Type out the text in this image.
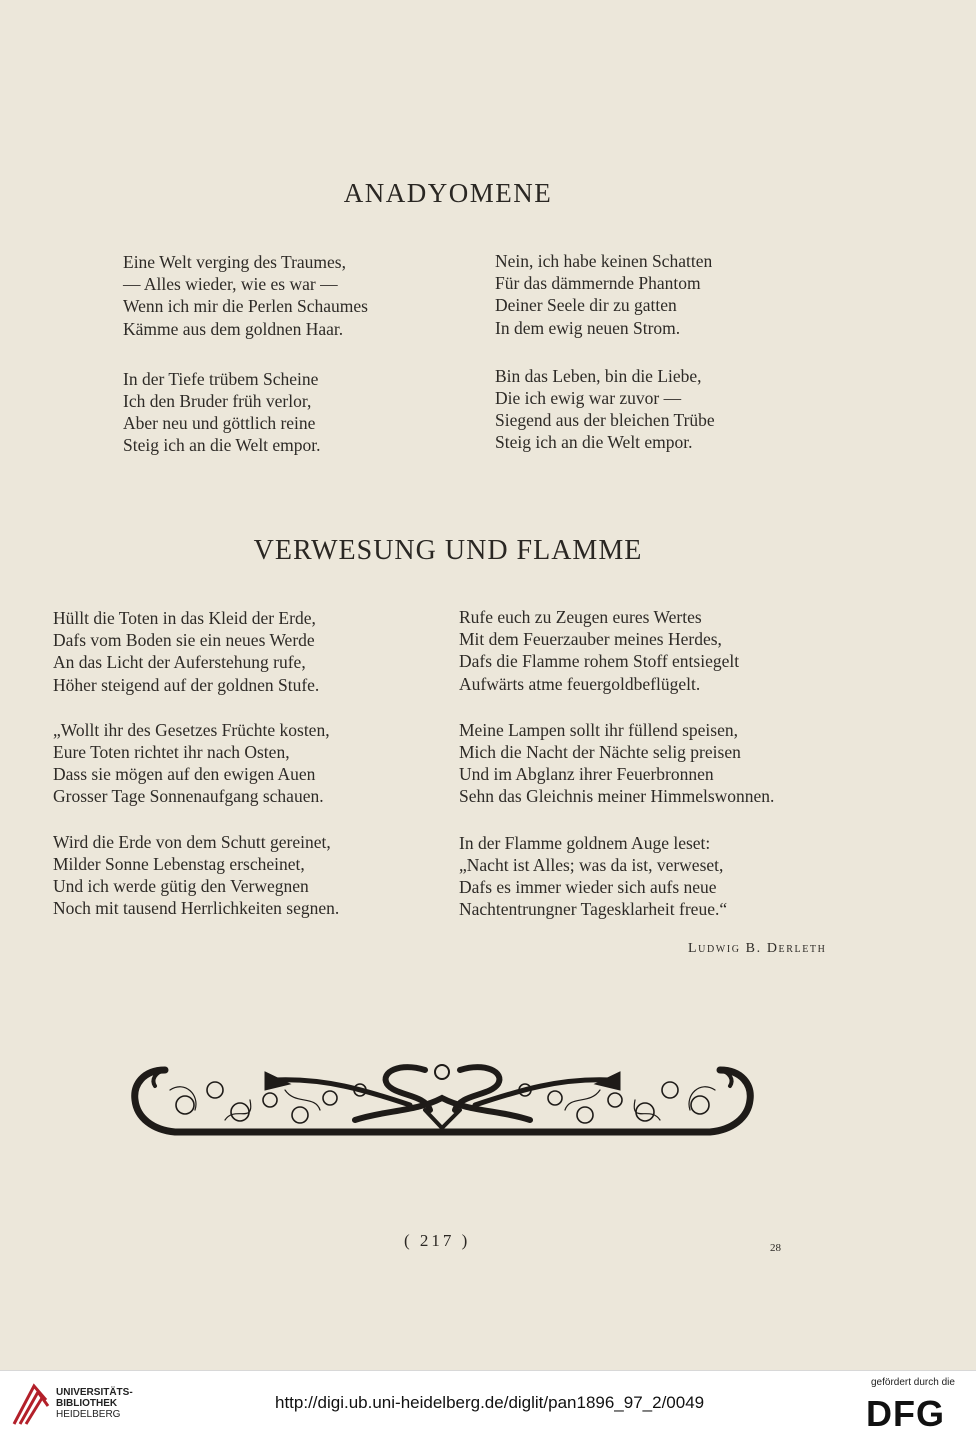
ANADYOMENE
Eine Welt verging des Traumes,
— Alles wieder, wie es war —
Wenn ich mir die Perlen Schaumes
Kämme aus dem goldnen Haar.
In der Tiefe trübem Scheine
Ich den Bruder früh verlor,
Aber neu und göttlich reine
Steig ich an die Welt empor.
Nein, ich habe keinen Schatten
Für das dämmernde Phantom
Deiner Seele dir zu gatten
In dem ewig neuen Strom.
Bin das Leben, bin die Liebe,
Die ich ewig war zuvor —
Siegend aus der bleichen Trübe
Steig ich an die Welt empor.
VERWESUNG UND FLAMME
Hüllt die Toten in das Kleid der Erde,
Dafs vom Boden sie ein neues Werde
An das Licht der Auferstehung rufe,
Höher steigend auf der goldnen Stufe.
„Wollt ihr des Gesetzes Früchte kosten,
Eure Toten richtet ihr nach Osten,
Dass sie mögen auf den ewigen Auen
Grosser Tage Sonnenaufgang schauen.
Wird die Erde von dem Schutt gereinet,
Milder Sonne Lebenstag erscheinet,
Und ich werde gütig den Verwegnen
Noch mit tausend Herrlichkeiten segnen.
Rufe euch zu Zeugen eures Wertes
Mit dem Feuerzauber meines Herdes,
Dafs die Flamme rohem Stoff entsiegelt
Aufwärts atme feuergoldbeflügelt.
Meine Lampen sollt ihr füllend speisen,
Mich die Nacht der Nächte selig preisen
Und im Abglanz ihrer Feuerbronnen
Sehn das Gleichnis meiner Himmelswonnen.
In der Flamme goldnem Auge leset:
„Nacht ist Alles; was da ist, verweset,
Dafs es immer wieder sich aufs neue
Nachtentrungner Tagesklarheit freue.“
Ludwig B. Derleth
( 217 )	28
UNIVERSITÄTS-
BIBLIOTHEK
HEIDELBERG
http://digi.ub.uni-heidelberg.de/diglit/pan1896_97_2/0049
gefördert durch die
DFG
